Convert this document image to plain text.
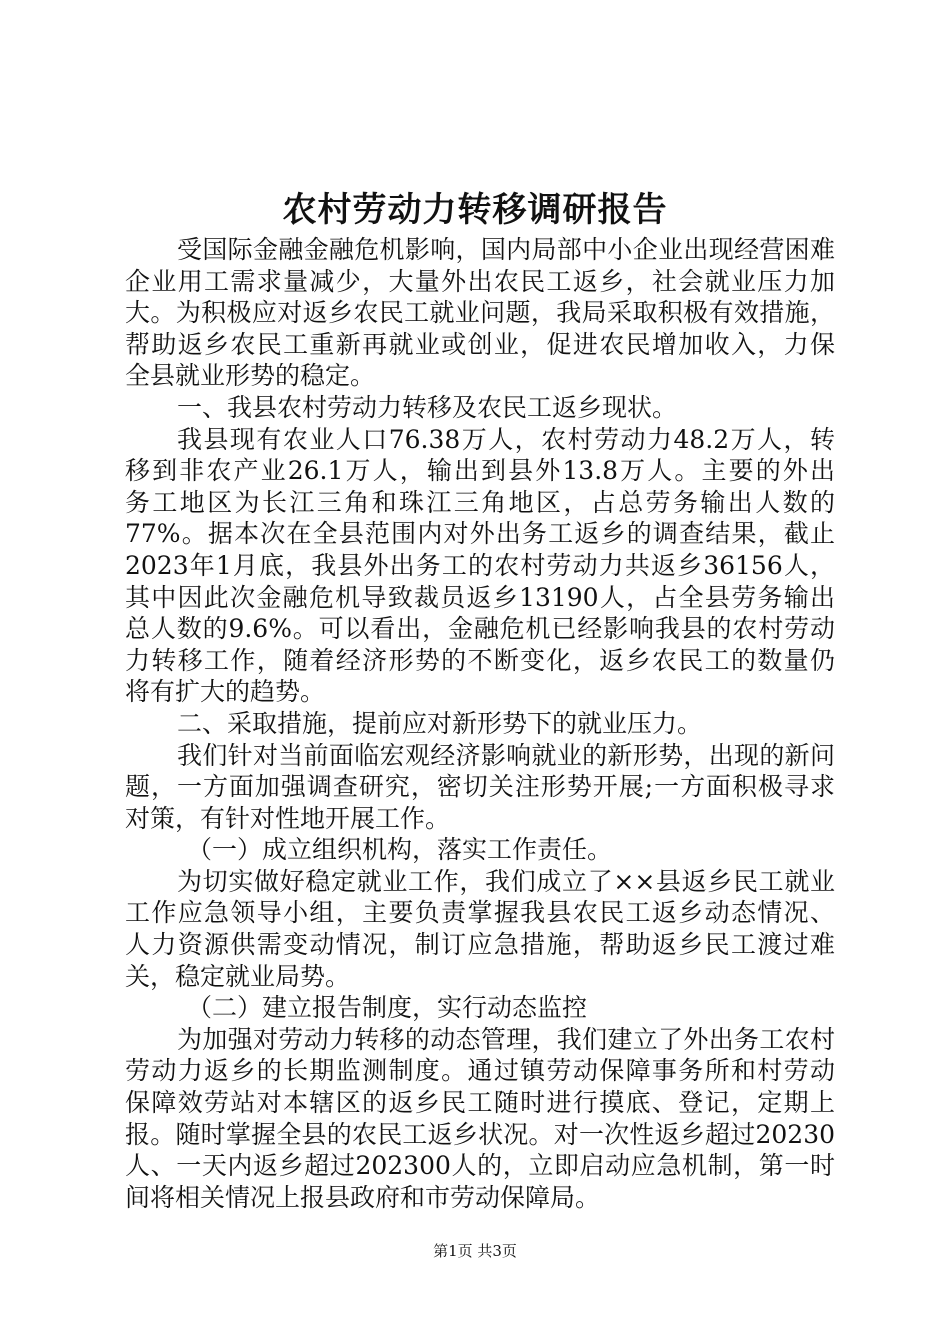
农村劳动力转移调研报告
受国际金融金融危机影响，国内局部中小企业出现经营困难
企业用工需求量减少，大量外出农民工返乡，社会就业压力加
大。为积极应对返乡农民工就业问题，我局采取积极有效措施，
帮助返乡农民工重新再就业或创业，促进农民增加收入，力保
全县就业形势的稳定。
一、我县农村劳动力转移及农民工返乡现状。
我县现有农业人口76.38万人，农村劳动力48.2万人，转
移到非农产业26.1万人，输出到县外13.8万人。主要的外出
务工地区为长江三角和珠江三角地区，占总劳务输出人数的
77%。据本次在全县范围内对外出务工返乡的调查结果，截止
2023年1月底，我县外出务工的农村劳动力共返乡36156人，
其中因此次金融危机导致裁员返乡13190人，占全县劳务输出
总人数的9.6%。可以看出，金融危机已经影响我县的农村劳动
力转移工作，随着经济形势的不断变化，返乡农民工的数量仍
将有扩大的趋势。
二、采取措施，提前应对新形势下的就业压力。
我们针对当前面临宏观经济影响就业的新形势，出现的新问
题，一方面加强调查研究，密切关注形势开展;一方面积极寻求
对策，有针对性地开展工作。
（一）成立组织机构，落实工作责任。
为切实做好稳定就业工作，我们成立了××县返乡民工就业
工作应急领导小组，主要负责掌握我县农民工返乡动态情况、
人力资源供需变动情况，制订应急措施，帮助返乡民工渡过难
关，稳定就业局势。
（二）建立报告制度，实行动态监控
为加强对劳动力转移的动态管理，我们建立了外出务工农村
劳动力返乡的长期监测制度。通过镇劳动保障事务所和村劳动
保障效劳站对本辖区的返乡民工随时进行摸底、登记，定期上
报。随时掌握全县的农民工返乡状况。对一次性返乡超过20230
人、一天内返乡超过202300人的，立即启动应急机制，第一时
间将相关情况上报县政府和市劳动保障局。
第1页 共3页
